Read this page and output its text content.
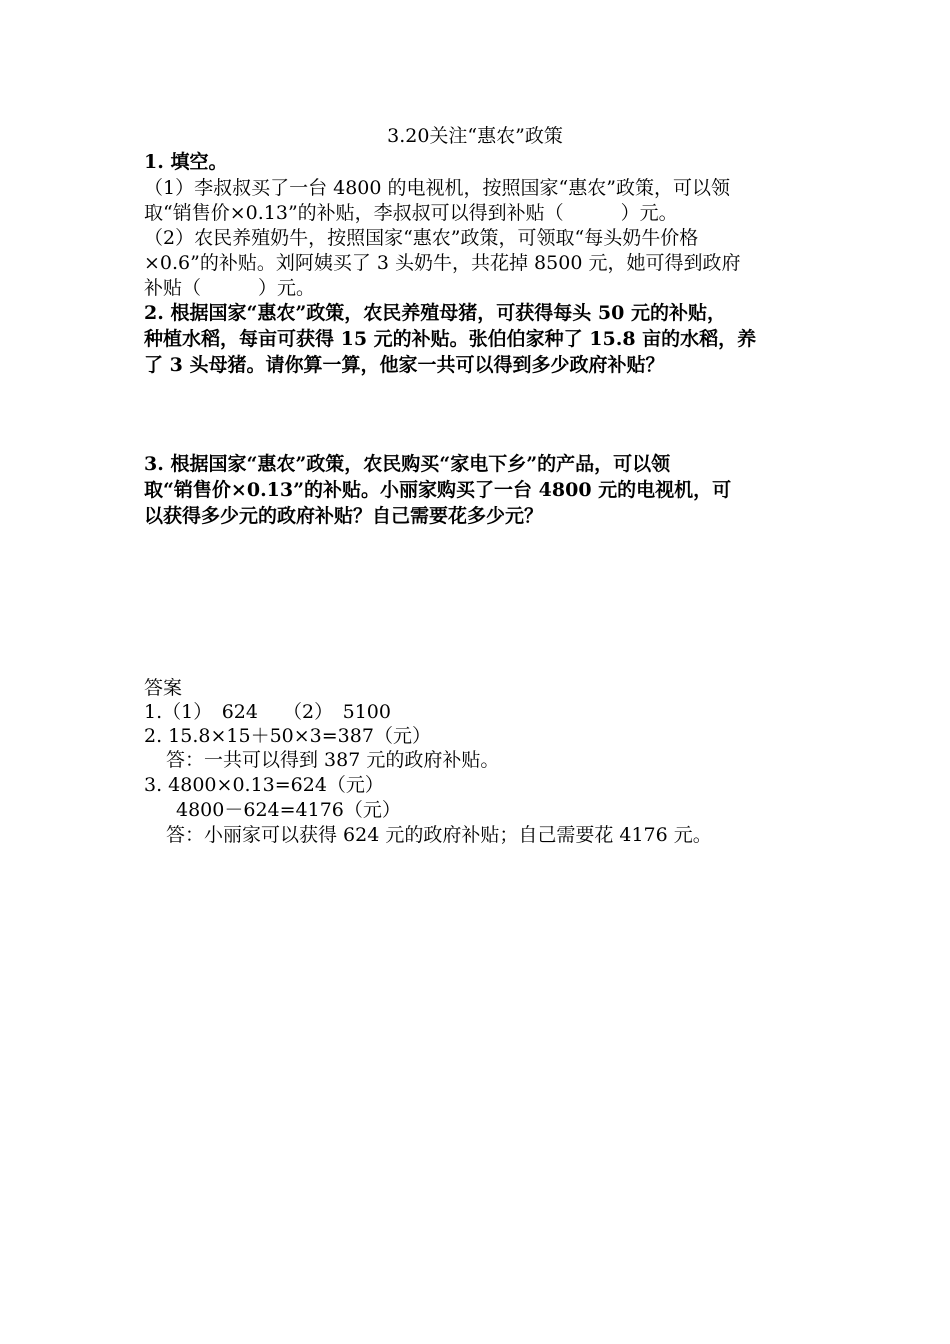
3.20关注“惠农”政策
1. 填空。
（1）李叔叔买了一台 4800 的电视机，按照国家“惠农”政策，可以领
取“销售价×0.13”的补贴，李叔叔可以得到补贴（　　　）元。
（2）农民养殖奶牛，按照国家“惠农”政策，可领取“每头奶牛价格
×0.6”的补贴。刘阿姨买了 3 头奶牛，共花掉 8500 元，她可得到政府
补贴（　　　）元。
2. 根据国家“惠农”政策，农民养殖母猪，可获得每头 50 元的补贴，
种植水稻，每亩可获得 15 元的补贴。张伯伯家种了 15.8 亩的水稻，养
了 3 头母猪。请你算一算，他家一共可以得到多少政府补贴？
3. 根据国家“惠农”政策，农民购买“家电下乡”的产品，可以领
取“销售价×0.13”的补贴。小丽家购买了一台 4800 元的电视机，可
以获得多少元的政府补贴？自己需要花多少元？
答案
1.（1）　624　 （2）　5100
2. 15.8×15＋50×3=387（元）
答：一共可以得到 387 元的政府补贴。
3. 4800×0.13=624（元）
4800－624=4176（元）
答：小丽家可以获得 624 元的政府补贴；自己需要花 4176 元。
